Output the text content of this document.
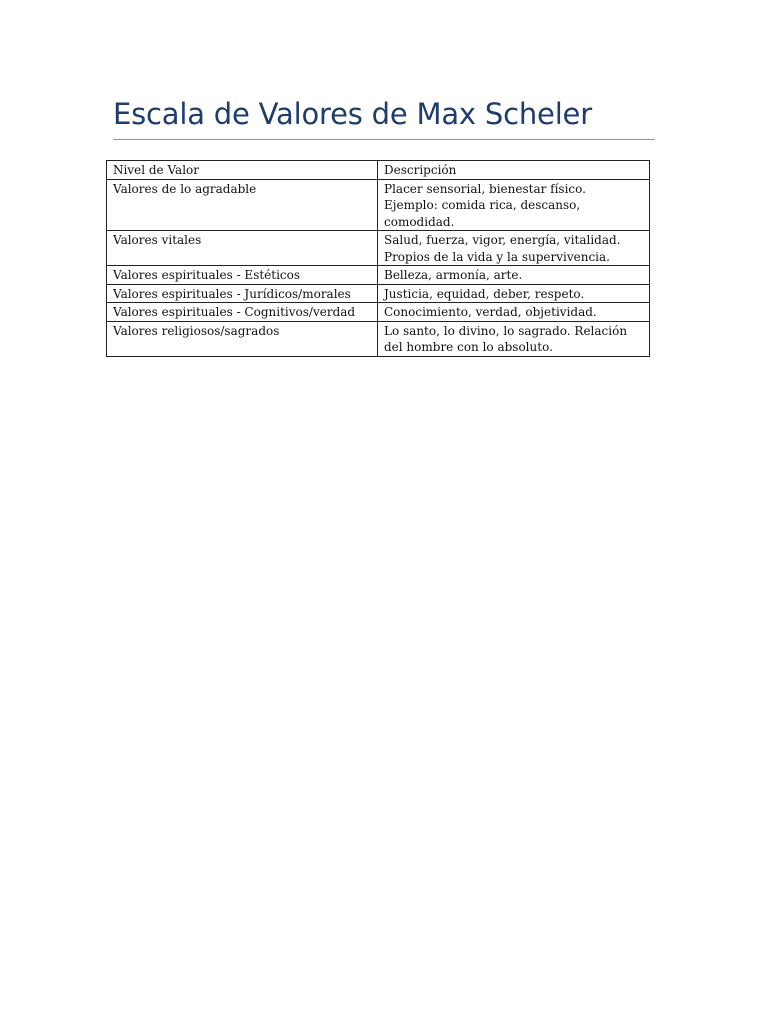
Escala de Valores de Max Scheler
Nivel de Valor	Descripción
Valores de lo agradable	Placer sensorial, bienestar físico. Ejemplo: comida rica, descanso, comodidad.
Valores vitales	Salud, fuerza, vigor, energía, vitalidad. Propios de la vida y la supervivencia.
Valores espirituales - Estéticos	Belleza, armonía, arte.
Valores espirituales - Jurídicos/morales	Justicia, equidad, deber, respeto.
Valores espirituales - Cognitivos/verdad	Conocimiento, verdad, objetividad.
Valores religiosos/sagrados	Lo santo, lo divino, lo sagrado. Relación del hombre con lo absoluto.
